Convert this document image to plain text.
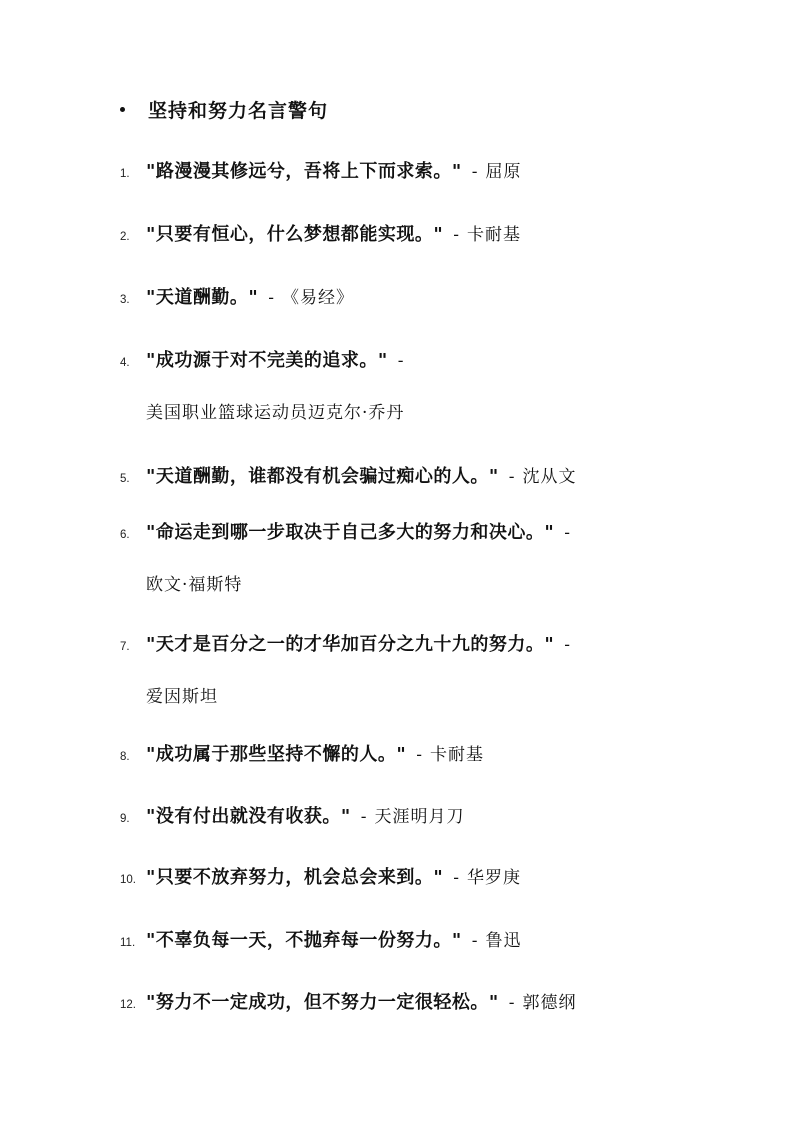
坚持和努力名言警句
1. "路漫漫其修远兮，吾将上下而求索。" - 屈原
2. "只要有恒心，什么梦想都能实现。" - 卡耐基
3. "天道酬勤。" - 《易经》
4. "成功源于对不完美的追求。" -
美国职业篮球运动员迈克尔·乔丹
5. "天道酬勤，谁都没有机会骗过痴心的人。" - 沈从文
6. "命运走到哪一步取决于自己多大的努力和决心。" -
欧文·福斯特
7. "天才是百分之一的才华加百分之九十九的努力。" -
爱因斯坦
8. "成功属于那些坚持不懈的人。" - 卡耐基
9. "没有付出就没有收获。" - 天涯明月刀
10. "只要不放弃努力，机会总会来到。" - 华罗庚
11. "不辜负每一天，不抛弃每一份努力。" - 鲁迅
12. "努力不一定成功，但不努力一定很轻松。" - 郭德纲
